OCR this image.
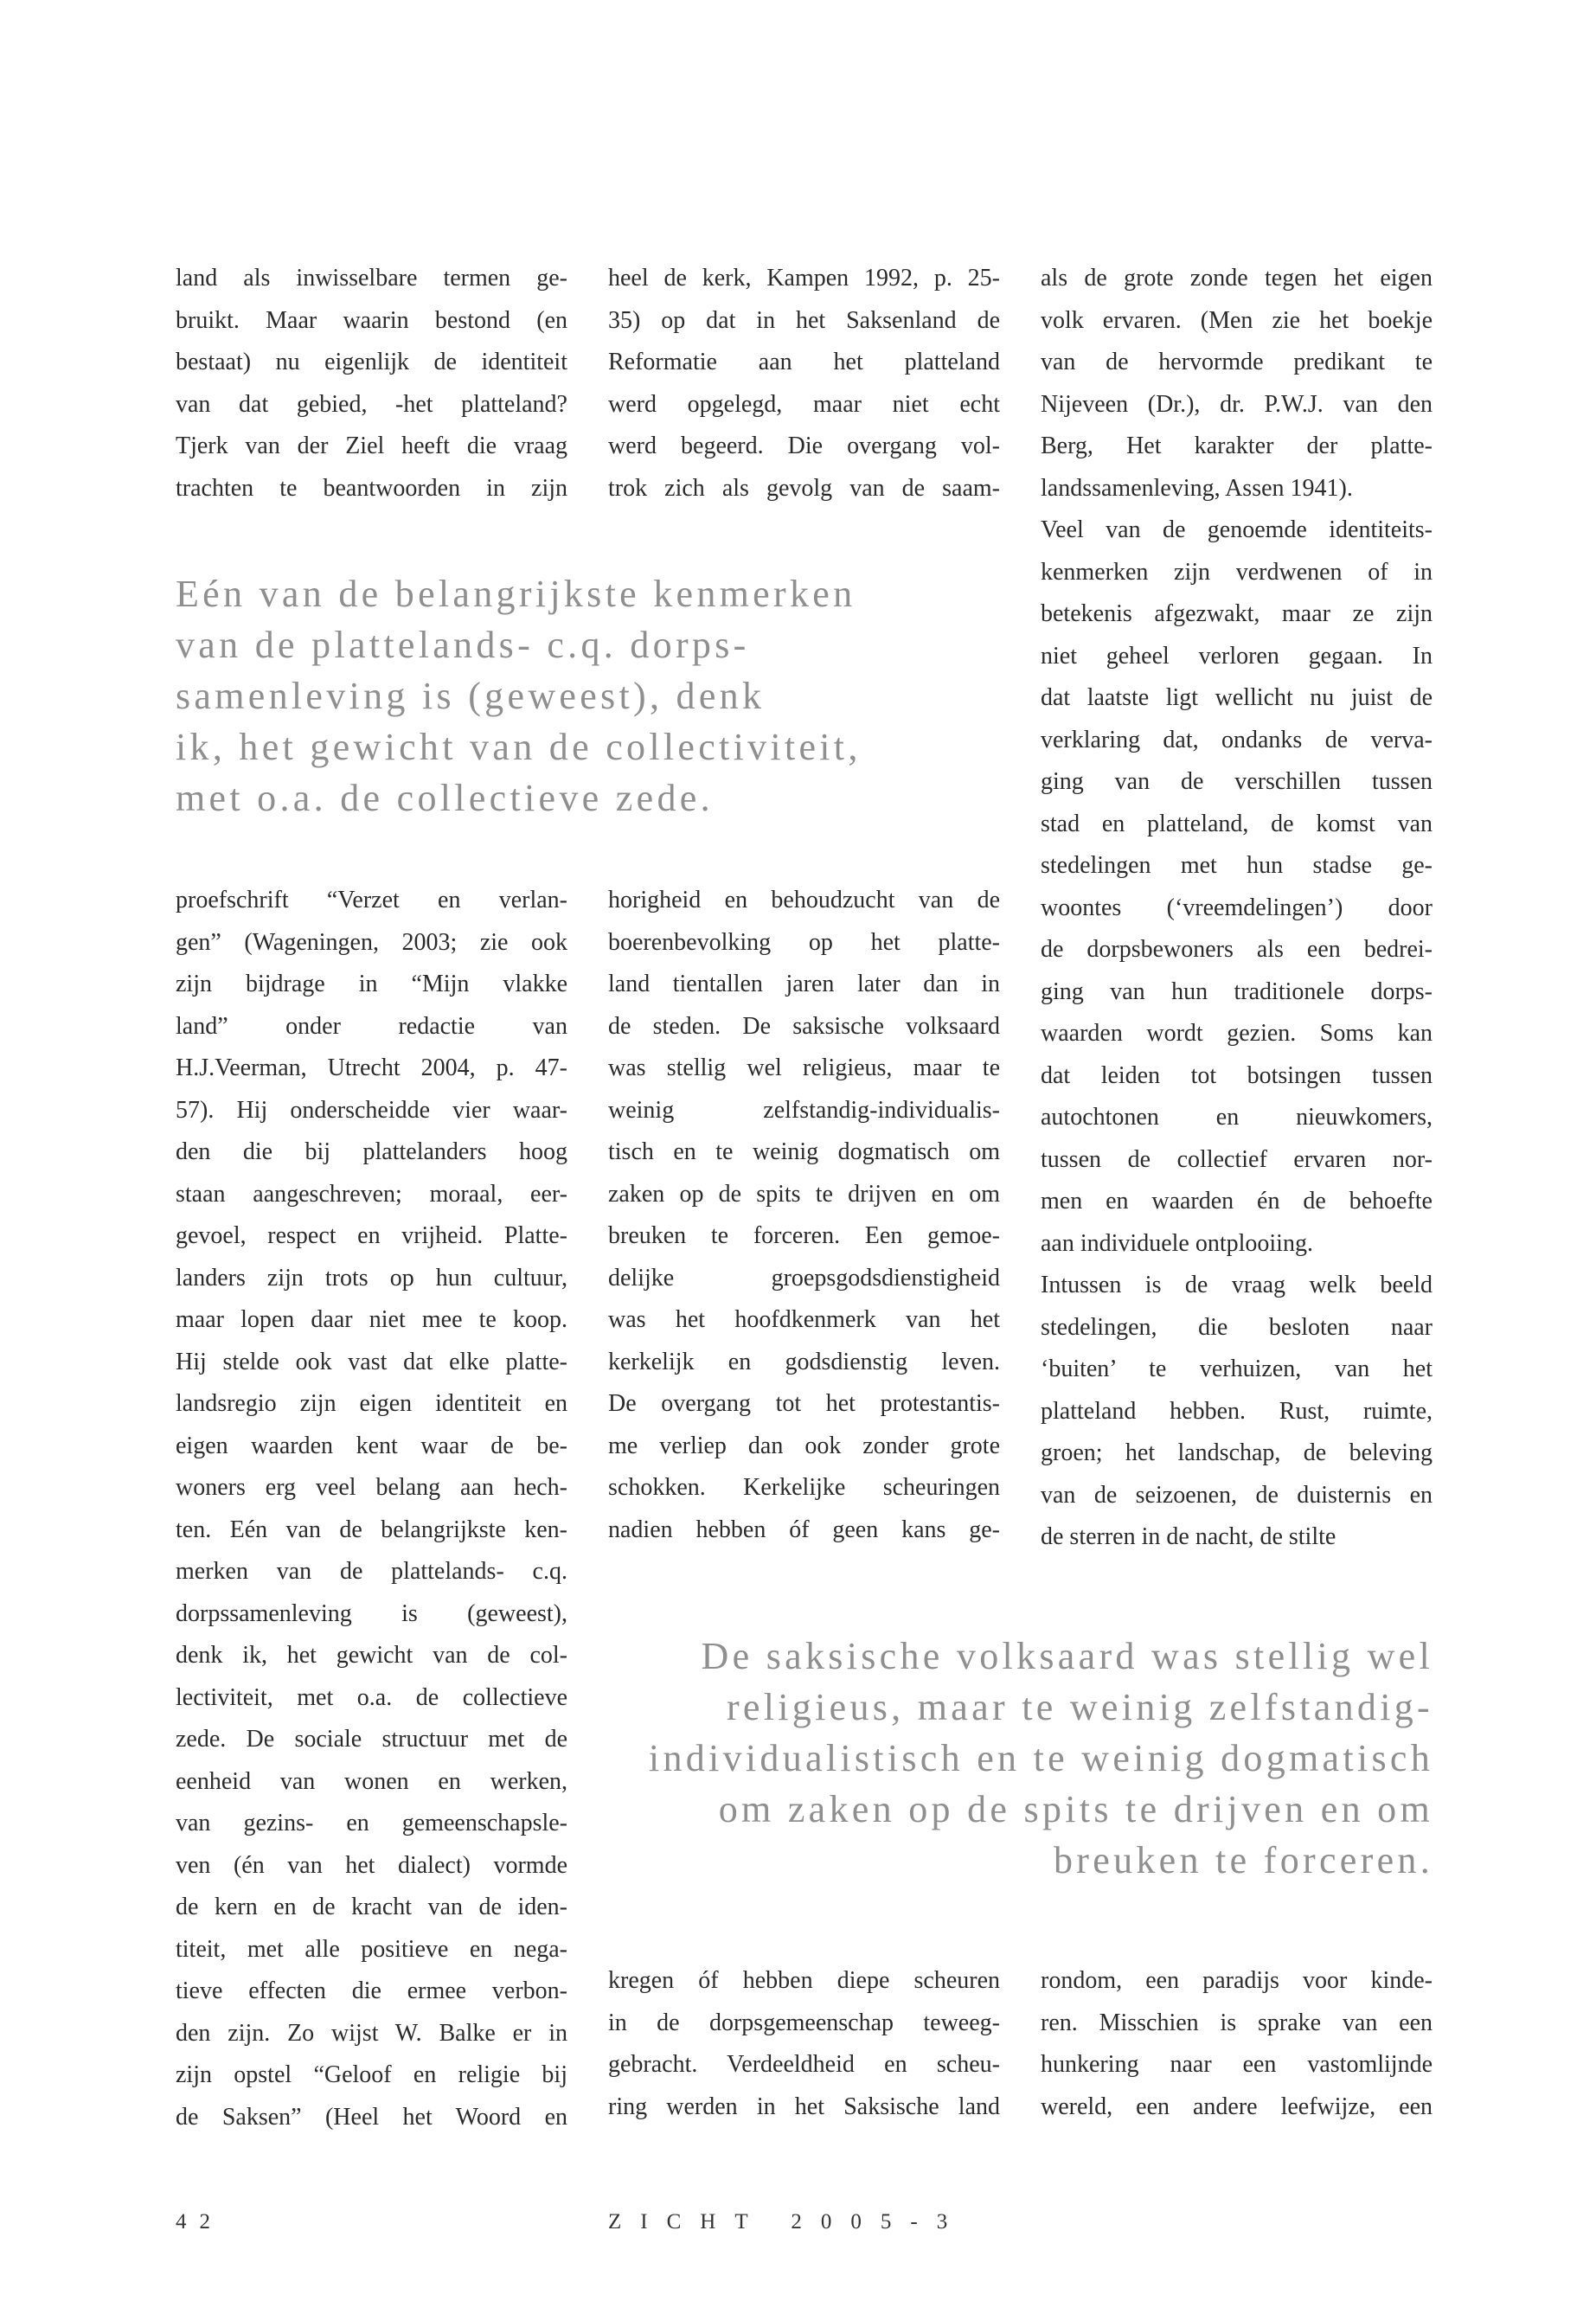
land als inwisselbare termen ge-
bruikt. Maar waarin bestond (en
bestaat) nu eigenlijk de identiteit
van dat gebied, -het platteland?
Tjerk van der Ziel heeft die vraag
trachten te beantwoorden in zijn
heel de kerk, Kampen 1992, p. 25-
35) op dat in het Saksenland de
Reformatie aan het platteland
werd opgelegd, maar niet echt
werd begeerd. Die overgang vol-
trok zich als gevolg van de saam-
als de grote zonde tegen het eigen
volk ervaren. (Men zie het boekje
van de hervormde predikant te
Nijeveen (Dr.), dr. P.W.J. van den
Berg, Het karakter der platte-
landssamenleving, Assen 1941).
Veel van de genoemde identiteits-
kenmerken zijn verdwenen of in
betekenis afgezwakt, maar ze zijn
niet geheel verloren gegaan. In
dat laatste ligt wellicht nu juist de
verklaring dat, ondanks de verva-
ging van de verschillen tussen
stad en platteland, de komst van
stedelingen met hun stadse ge-
woontes (‘vreemdelingen’) door
de dorpsbewoners als een bedrei-
ging van hun traditionele dorps-
waarden wordt gezien. Soms kan
dat leiden tot botsingen tussen
autochtonen en nieuwkomers,
tussen de collectief ervaren nor-
men en waarden én de behoefte
aan individuele ontplooiing.
Intussen is de vraag welk beeld
stedelingen, die besloten naar
‘buiten’ te verhuizen, van het
platteland hebben. Rust, ruimte,
groen; het landschap, de beleving
van de seizoenen, de duisternis en
de sterren in de nacht, de stilte
Eén van de belangrijkste kenmerken
van de plattelands- c.q. dorps-
samenleving is (geweest), denk
ik, het gewicht van de collectiviteit,
met o.a. de collectieve zede.
proefschrift “Verzet en verlan-
gen” (Wageningen, 2003; zie ook
zijn bijdrage in “Mijn vlakke
land” onder redactie van
H.J.Veerman, Utrecht 2004, p. 47-
57). Hij onderscheidde vier waar-
den die bij plattelanders hoog
staan aangeschreven; moraal, eer-
gevoel, respect en vrijheid. Platte-
landers zijn trots op hun cultuur,
maar lopen daar niet mee te koop.
Hij stelde ook vast dat elke platte-
landsregio zijn eigen identiteit en
eigen waarden kent waar de be-
woners erg veel belang aan hech-
ten. Eén van de belangrijkste ken-
merken van de plattelands- c.q.
dorpssamenleving is (geweest),
denk ik, het gewicht van de col-
lectiviteit, met o.a. de collectieve
zede. De sociale structuur met de
eenheid van wonen en werken,
van gezins- en gemeenschapsle-
ven (én van het dialect) vormde
de kern en de kracht van de iden-
titeit, met alle positieve en nega-
tieve effecten die ermee verbon-
den zijn. Zo wijst W. Balke er in
zijn opstel “Geloof en religie bij
de Saksen” (Heel het Woord en
horigheid en behoudzucht van de
boerenbevolking op het platte-
land tientallen jaren later dan in
de steden. De saksische volksaard
was stellig wel religieus, maar te
weinig zelfstandig-individualis-
tisch en te weinig dogmatisch om
zaken op de spits te drijven en om
breuken te forceren. Een gemoe-
delijke groepsgodsdienstigheid
was het hoofdkenmerk van het
kerkelijk en godsdienstig leven.
De overgang tot het protestantis-
me verliep dan ook zonder grote
schokken. Kerkelijke scheuringen
nadien hebben óf geen kans ge-
De saksische volksaard was stellig wel
religieus, maar te weinig zelfstandig-
individualistisch en te weinig dogmatisch
om zaken op de spits te drijven en om
breuken te forceren.
kregen óf hebben diepe scheuren
in de dorpsgemeenschap teweeg-
gebracht. Verdeeldheid en scheu-
ring werden in het Saksische land
rondom, een paradijs voor kinde-
ren. Misschien is sprake van een
hunkering naar een vastomlijnde
wereld, een andere leefwijze, een
42	ZICHT 2005-3
